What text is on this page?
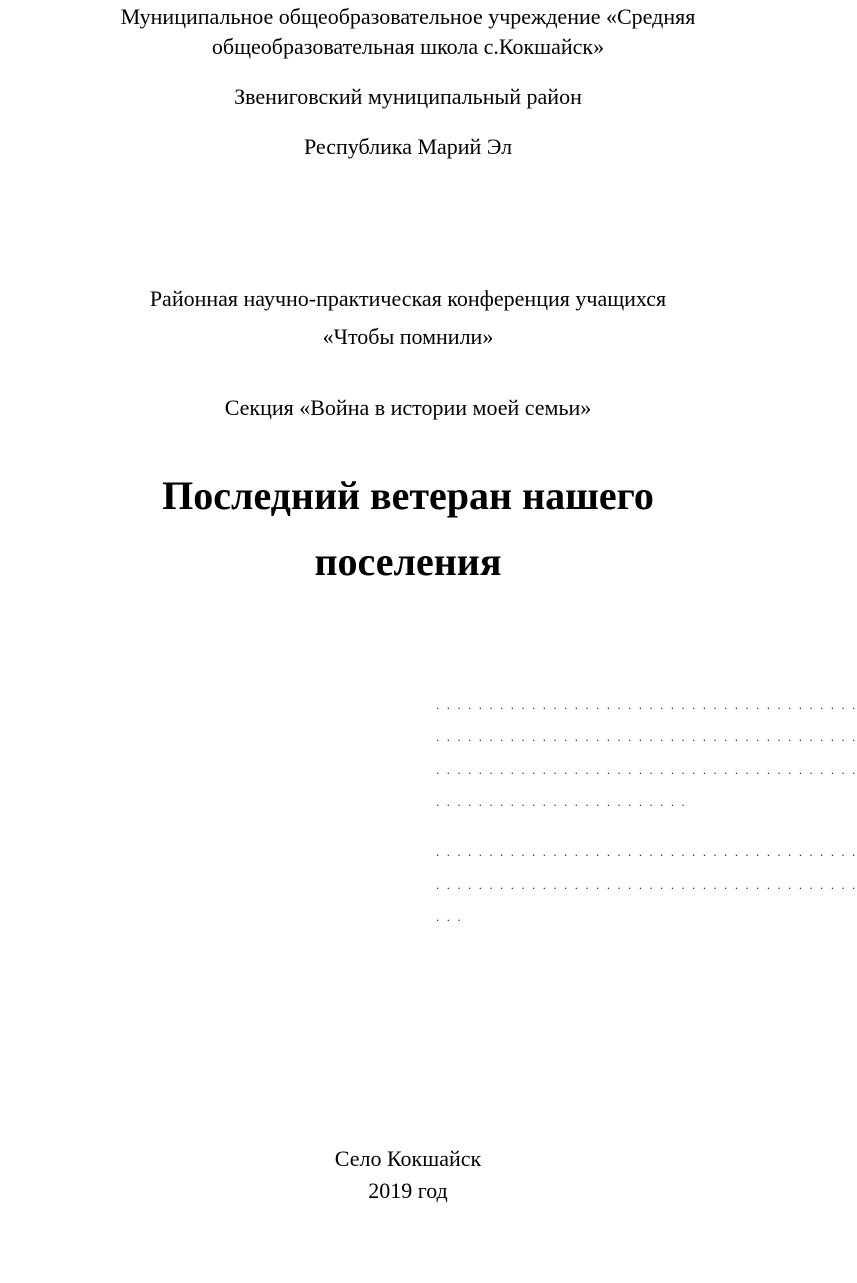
Муниципальное общеобразовательное учреждение «Средняя
общеобразовательная школа с.Кокшайск»
Звениговский муниципальный район
Республика Марий Эл
Районная научно-практическая конференция учащихся
«Чтобы помнили»
Секция «Война в истории моей семьи»
Последний ветеран нашего
поселения
. . . . . . . . . . . . . . . . . . . . . . . . . . . . . . . . . . . . . . . .
. . . . . . . . . . . . . . . . . . . . . . . . . . . . . . . . . . . . . . . .
. . . . . . . . . . . . . . . . . . . . . . . . . . . . . . . . . . . . . . . .
. . . . . . . . . . . . . . . . . . . . . . . .
. . . . . . . . . . . . . . . . . . . . . . . . . . . . . . . . . . . . . . . .
. . . . . . . . . . . . . . . . . . . . . . . . . . . . . . . . . . . . . . . .
. . .
Село Кокшайск
2019 год
